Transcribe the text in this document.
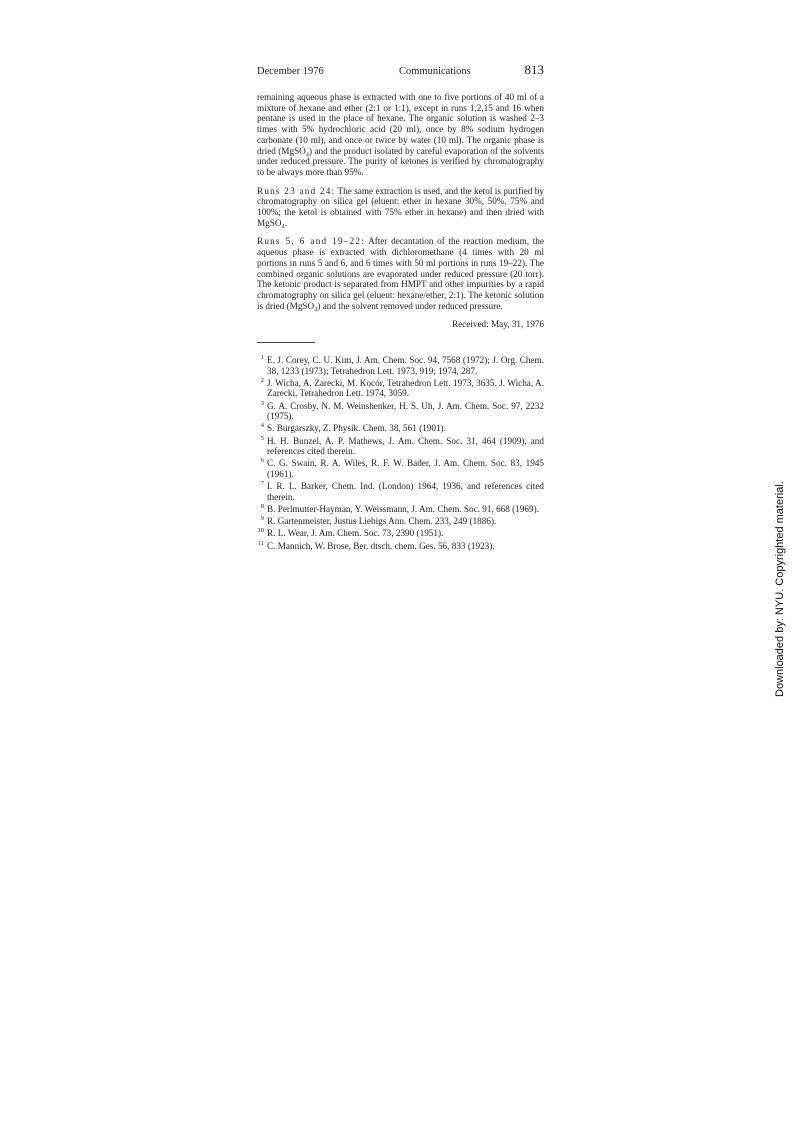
December 1976	Communications	813

remaining aqueous phase is extracted with one to five portions of 40 ml of a mixture of hexane and ether (2:1 or 1:1), except in runs 1,2,15 and 16 when pentane is used in the place of hexane. The organic solution is washed 2–3 times with 5% hydrochloric acid (20 ml), once by 8% sodium hydrogen carbonate (10 ml), and once or twice by water (10 ml). The organic phase is dried (MgSO₄) and the product isolated by careful evaporation of the solvents under reduced pressure. The purity of ketones is verified by chromatography to be always more than 95%.

Runs 23 and 24: The same extraction is used, and the ketol is purified by chromatography on silica gel (eluent: ether in hexane 30%, 50%, 75% and 100%; the ketol is obtained with 75% ether in hexane) and then dried with MgSO₄.

Runs 5, 6 and 19–22: After decantation of the reaction medium, the aqueous phase is extracted with dichloromethane (4 times with 20 ml portions in runs 5 and 6, and 6 times with 50 ml portions in runs 19–22). The combined organic solutions are evaporated under reduced pressure (20 torr). The ketonic product is separated from HMPT and other impurities by a rapid chromatography on silica gel (eluent: hexane/ether, 2:1). The ketonic solution is dried (MgSO₄) and the solvent removed under reduced pressure.

Received: May, 31, 1976
1 E. J. Corey, C. U. Kim, J. Am. Chem. Soc. 94, 7568 (1972); J. Org. Chem. 38, 1233 (1973); Tetrahedron Lett. 1973, 919; 1974, 287.
2 J. Wicha, A. Zarecki, M. Kocór, Tetrahedron Lett. 1973, 3635. J. Wicha, A. Zarecki, Tetrahedron Lett. 1974, 3059.
3 G. A. Crosby, N. M. Weinshenker, H. S. Uh, J. Am. Chem. Soc. 97, 2232 (1975).
4 S. Burgarszky, Z. Physik. Chem. 38, 561 (1901).
5 H. H. Bunzel, A. P. Mathews, J. Am. Chem. Soc. 31, 464 (1909), and references cited therein.
6 C. G. Swain, R. A. Wiles, R. F. W. Bader, J. Am. Chem. Soc. 83, 1945 (1961).
7 I. R. L. Barker, Chem. Ind. (London) 1964, 1936, and references cited therein.
8 B. Perlmutter-Hayman, Y. Weissmann, J. Am. Chem. Soc. 91, 668 (1969).
9 R. Gartenmeister, Justus Liebigs Ann. Chem. 233, 249 (1886).
10 R. L. Wear, J. Am. Chem. Soc. 73, 2390 (1951).
11 C. Mannich, W. Brose, Ber. dtsch. chem. Ges. 56, 833 (1923).	Downloaded by: NYU. Copyrighted material.
